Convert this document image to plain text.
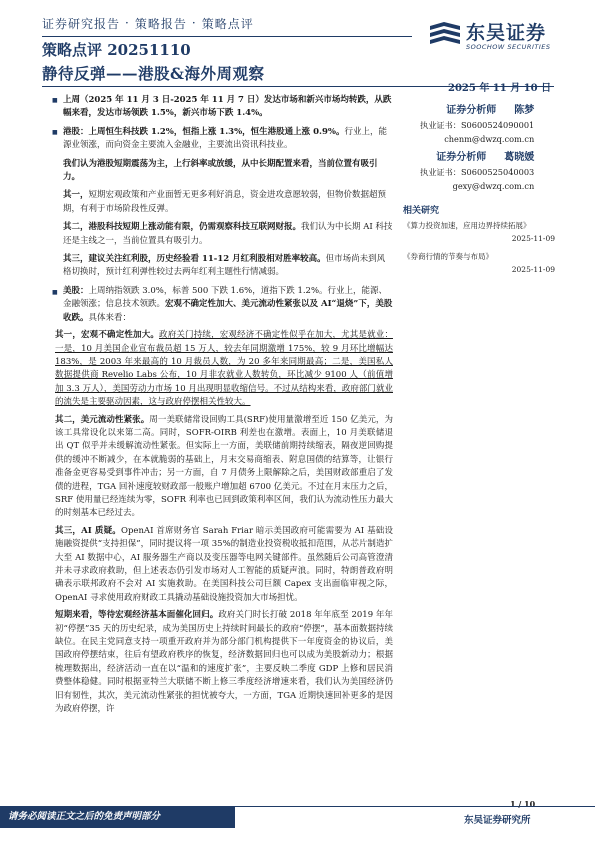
证券研究报告 · 策略报告 · 策略点评
策略点评 20251110
东吴证券
SOOCHOW SECURITIES
静待反弹——港股&海外周观察
2025 年 11 月 10 日
证券分析师 陈梦
执业证书：S0600524090001
chenm@dwzq.com.cn
证券分析师 葛晓媛
执业证书：S0600525040003
gexy@dwzq.com.cn
相关研究
《算力投资加速，应用边界持续拓展》
2025-11-09
《券商行情的节奏与布局》
2025-11-09
■ 上周（2025 年 11 月 3 日-2025 年 11 月 7 日）发达市场和新兴市场均转跌，从跌幅来看，发达市场领跌 1.5%，新兴市场下跌 1.4%。
■ 港股：上周恒生科技跌 1.2%，恒指上涨 1.3%，恒生港股通上涨 0.9%。行业上，能源业领涨，而向资金主要流入金融业，主要流出资讯科技业。
我们认为港股短期震荡为主，上行斜率或放缓，从中长期配置来看，当前位置有吸引力。
其一，短期宏观政策和产业面暂无更多利好消息，资金进攻意愿较弱，但物价数据超预期，有利于市场阶段性反弹。
其二，港股科技短期上涨动能有限，仍需观察科技互联网财报。我们认为中长期 AI 科技还是主线之一，当前位置具有吸引力。
其三，建议关注红利股，历史经验看 11-12 月红利股相对胜率较高。但市场尚未到风格切换时，预计红利弹性较过去两年红利主题性行情减弱。
■ 美股：上周纳指领跌 3.0%，标普 500 下跌 1.6%，道指下跌 1.2%。行业上，能源、金融领涨；信息技术领跌。宏观不确定性加大、美元流动性紧张以及 AI“退烧”下，美股收跌。具体来看：
其一，宏观不确定性加大。政府关门持续，宏观经济不确定性似乎在加大，尤其是就业：一是，10 月美国企业宣布裁员超 15 万人，较去年同期激增 175%，较 9 月环比增幅达 183%，是 2003 年来最高的 10 月裁员人数，为 20 多年来同期最高；二是，美国私人数据提供商 Revelio Labs 公布，10 月非农就业人数转负，环比减少 9100 人（前值增加 3.3 万人），美国劳动力市场 10 月出现明显收缩信号。不过从结构来看，政府部门就业的流失是主要驱动因素，这与政府停摆相关性较大。
其二，美元流动性紧张。周一美联储常设回购工具(SRF)使用量激增至近 150 亿美元，为该工具常设化以来第二高。同时，SOFR-OIRB 利差也在激增。表面上，10 月美联储退出 QT 似乎并未缓解流动性紧张。但实际上一方面，美联储前期持续缩表，隔夜逆回购提供的缓冲不断减少，在本就脆弱的基础上，月末交易商缩表、附息国债的结算等，让银行准备金更容易受到事件冲击；另一方面，自 7 月债务上限解除之后，美国财政部重启了发债的进程，TGA 回补速度较财政部一般账户增加超 6700 亿美元。不过在月末压力之后，SRF 使用量已经连续为零，SOFR 利率也已回到政策利率区间，我们认为流动性压力最大的时刻基本已经过去。
其三，AI 质疑。OpenAI 首席财务官 Sarah Friar 暗示美国政府可能需要为 AI 基础设施融资提供“支持担保”，同时提议将一项 35%的制造业投资税收抵扣范围，从芯片制造扩大至 AI 数据中心，AI 服务器生产商以及变压器等电网关键部件。虽然随后公司高管澄清并未寻求政府救助，但上述表态仍引发市场对人工智能的质疑声浪。同时，特朗普政府明确表示联邦政府不会对 AI 实施救助。在美国科技公司巨额 Capex 支出面临审视之际，OpenAI 寻求使用政府财政工具撬动基础设施投资加大市场担忧。
短期来看，等待宏观经济基本面催化回归。政府关门时长打破 2018 年年底至 2019 年年初“停摆”35 天的历史纪录，成为美国历史上持续时间最长的政府“停摆”，基本面数据持续缺位。在民主党同意支持一项重开政府并为部分部门机构提供下一年度资金的协议后，美国政府停摆结束，往后有望政府秩序的恢复，经济数据回归也可以成为美股新动力；根据梳理数据出，经济活动一直在以“温和的速度扩张”，主要反映二季度 GDP 上修和居民消费整体稳健。同时根据亚特兰大联储不断上修三季度经济增速来看，我们认为美国经济仍旧有韧性，其次，美元流动性紧张的担忧被夸大，一方面，TGA 近期快速回补更多的是因为政府停摆，许
1 / 10
请务必阅读正文之后的免责声明部分	东吴证券研究所
